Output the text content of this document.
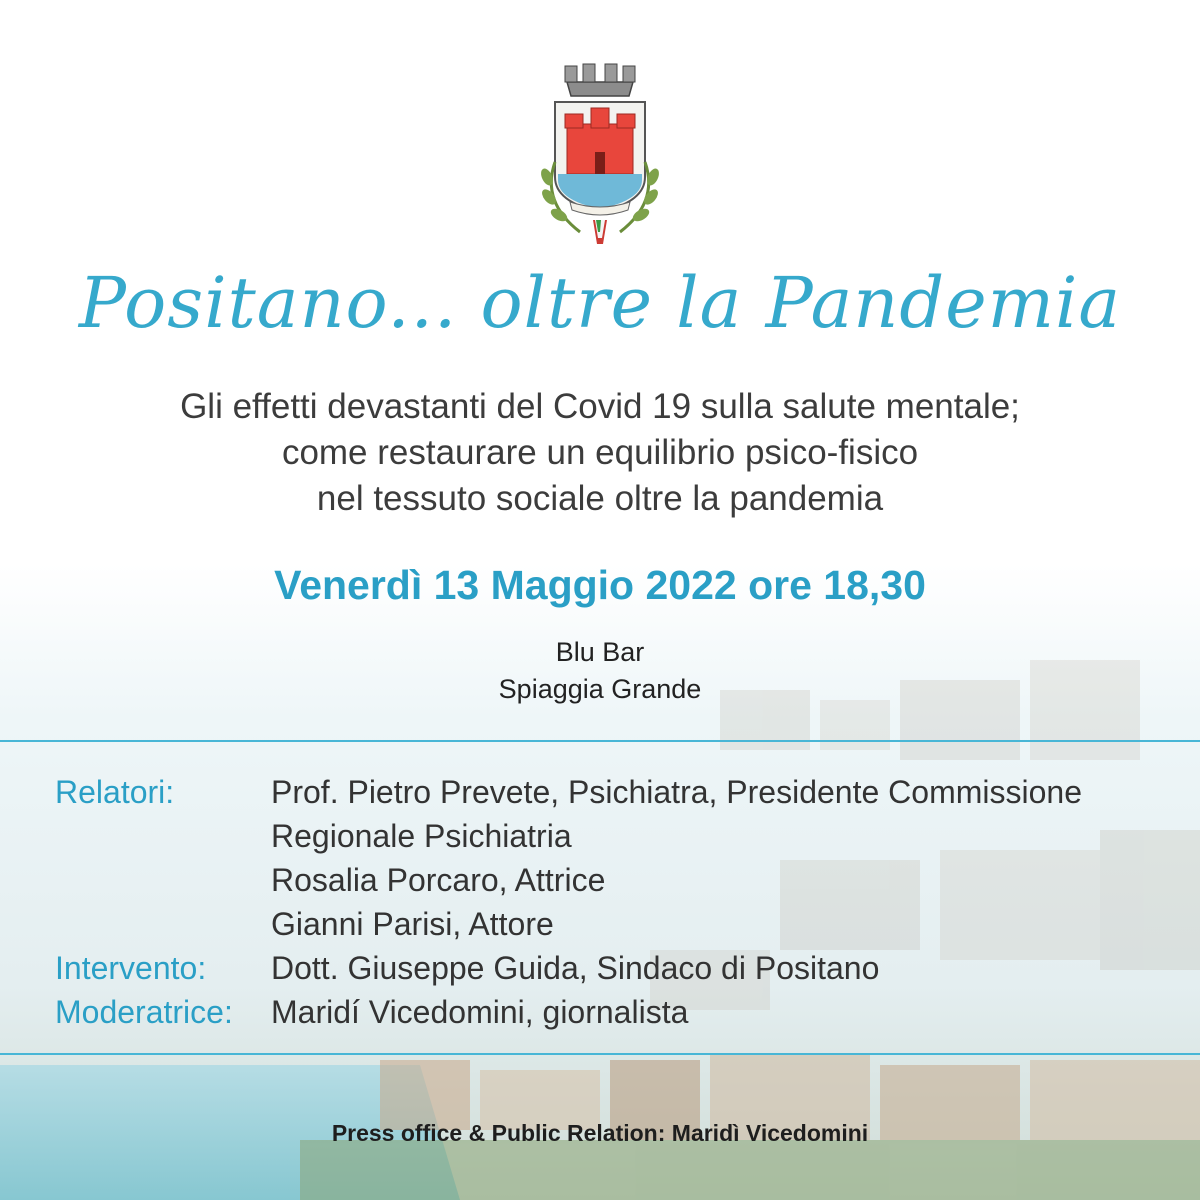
Positano... oltre la Pandemia
Gli effetti devastanti del Covid 19 sulla salute mentale;
come restaurare un equilibrio psico-fisico
nel tessuto sociale oltre la pandemia
Venerdì 13 Maggio 2022 ore 18,30
Blu Bar
Spiaggia Grande
Relatori:	Prof. Pietro Prevete, Psichiatra, Presidente Commissione
Regionale Psichiatria
Rosalia Porcaro, Attrice
Gianni Parisi, Attore
Intervento:	Dott. Giuseppe Guida, Sindaco di Positano
Moderatrice:	Maridí Vicedomini, giornalista
Press office & Public Relation: Maridì Vicedomini
